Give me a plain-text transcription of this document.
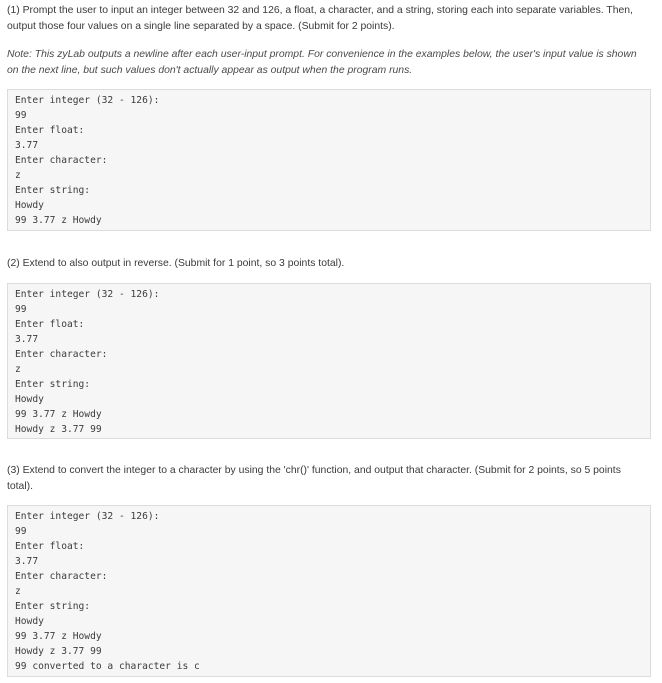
(1) Prompt the user to input an integer between 32 and 126, a float, a character, and a string, storing each into separate variables. Then, output those four values on a single line separated by a space. (Submit for 2 points).

Note: This zyLab outputs a newline after each user-input prompt. For convenience in the examples below, the user's input value is shown on the next line, but such values don't actually appear as output when the program runs.

Enter integer (32 - 126):
99
Enter float:
3.77
Enter character:
z
Enter string:
Howdy
99 3.77 z Howdy

(2) Extend to also output in reverse. (Submit for 1 point, so 3 points total).

Enter integer (32 - 126):
99
Enter float:
3.77
Enter character:
z
Enter string:
Howdy
99 3.77 z Howdy
Howdy z 3.77 99

(3) Extend to convert the integer to a character by using the 'chr()' function, and output that character. (Submit for 2 points, so 5 points total).

Enter integer (32 - 126):
99
Enter float:
3.77
Enter character:
z
Enter string:
Howdy
99 3.77 z Howdy
Howdy z 3.77 99
99 converted to a character is c
